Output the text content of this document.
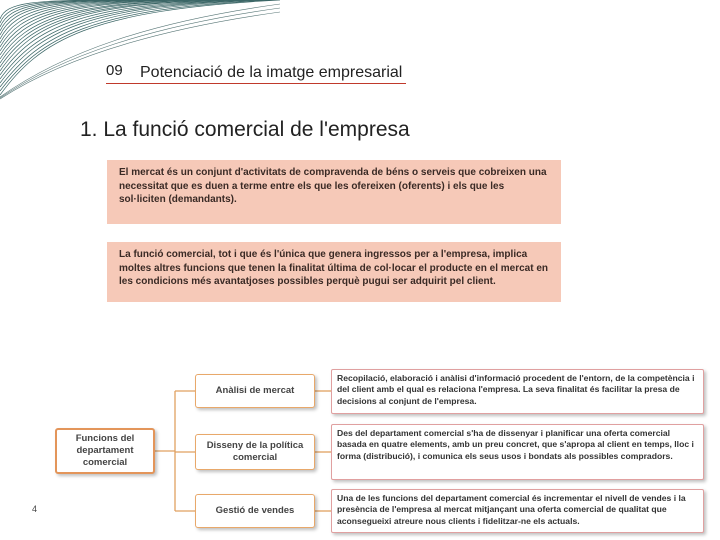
09 Potenciació de la imatge empresarial
1. La funció comercial de l'empresa
El mercat és un conjunt d'activitats de compravenda de béns o serveis que cobreixen una necessitat que es duen a terme entre els que les ofereixen (oferents) i els que les sol·liciten (demandants).
La funció comercial, tot i que és l'única que genera ingressos per a l'empresa, implica moltes altres funcions que tenen la finalitat última de col·locar el producte en el mercat en les condicions més avantatjoses possibles perquè pugui ser adquirit pel client.
Funcions del departament comercial
Anàlisi de mercat
Disseny de la política comercial
Gestió de vendes
Recopilació, elaboració i anàlisi d'informació procedent de l'entorn, de la competència i del client amb el qual es relaciona l'empresa. La seva finalitat és facilitar la presa de decisions al conjunt de l'empresa.
Des del departament comercial s'ha de dissenyar i planificar una oferta comercial basada en quatre elements, amb un preu concret, que s'apropa al client en temps, lloc i forma (distribució), i comunica els seus usos i bondats als possibles compradors.
Una de les funcions del departament comercial és incrementar el nivell de vendes i la presència de l'empresa al mercat mitjançant una oferta comercial de qualitat que aconsegueixi atreure nous clients i fidelitzar-ne els actuals.
4
